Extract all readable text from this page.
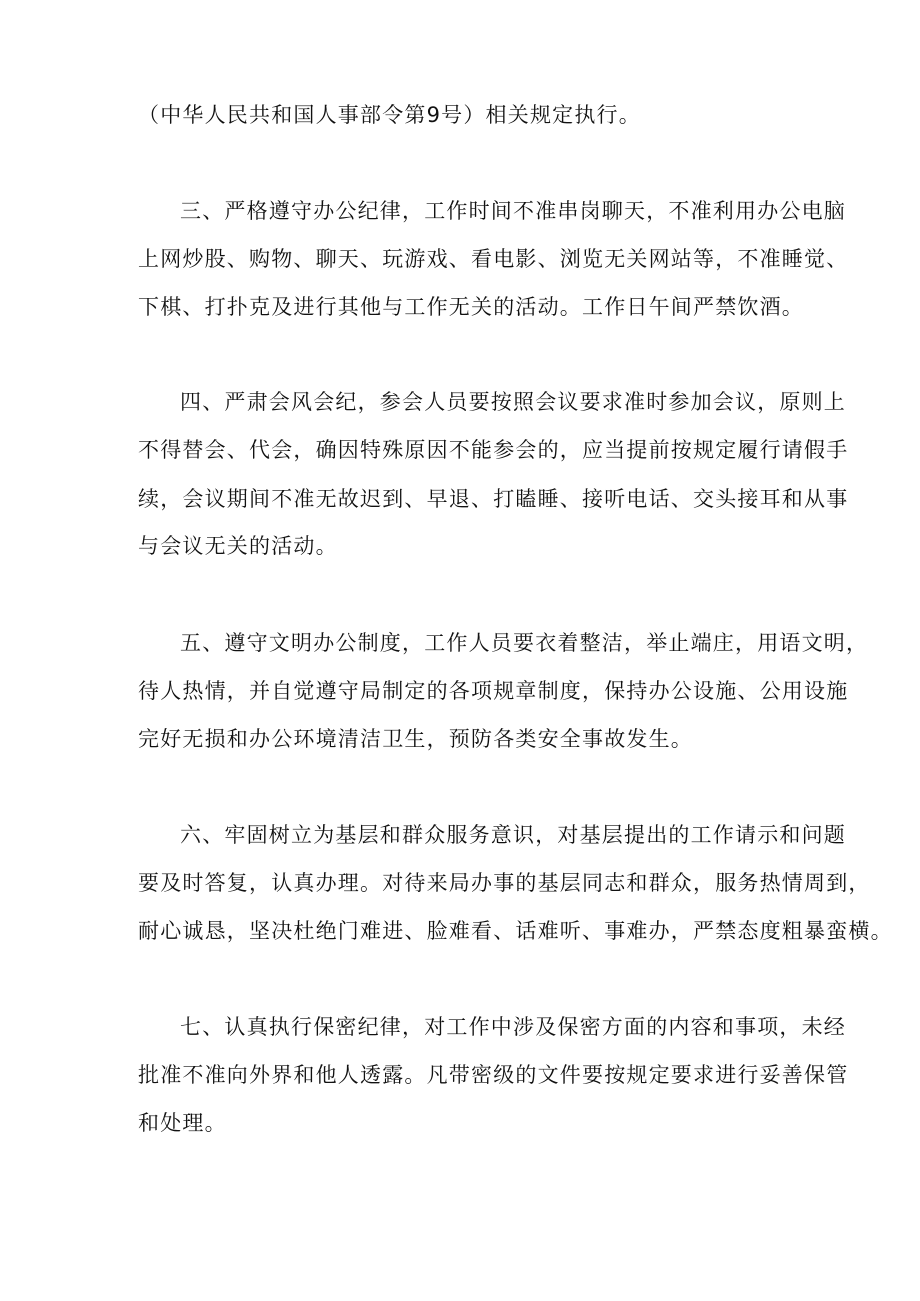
（中华人民共和国人事部令第9号）相关规定执行。
三、严格遵守办公纪律，工作时间不准串岗聊天，不准利用办公电脑
上网炒股、购物、聊天、玩游戏、看电影、浏览无关网站等，不准睡觉、
下棋、打扑克及进行其他与工作无关的活动。工作日午间严禁饮酒。
四、严肃会风会纪，参会人员要按照会议要求准时参加会议，原则上
不得替会、代会，确因特殊原因不能参会的，应当提前按规定履行请假手
续，会议期间不准无故迟到、早退、打瞌睡、接听电话、交头接耳和从事
与会议无关的活动。
五、遵守文明办公制度，工作人员要衣着整洁，举止端庄，用语文明，
待人热情，并自觉遵守局制定的各项规章制度，保持办公设施、公用设施
完好无损和办公环境清洁卫生，预防各类安全事故发生。
六、牢固树立为基层和群众服务意识，对基层提出的工作请示和问题
要及时答复，认真办理。对待来局办事的基层同志和群众，服务热情周到，
耐心诚恳，坚决杜绝门难进、脸难看、话难听、事难办，严禁态度粗暴蛮横。
七、认真执行保密纪律，对工作中涉及保密方面的内容和事项，未经
批准不准向外界和他人透露。凡带密级的文件要按规定要求进行妥善保管
和处理。
